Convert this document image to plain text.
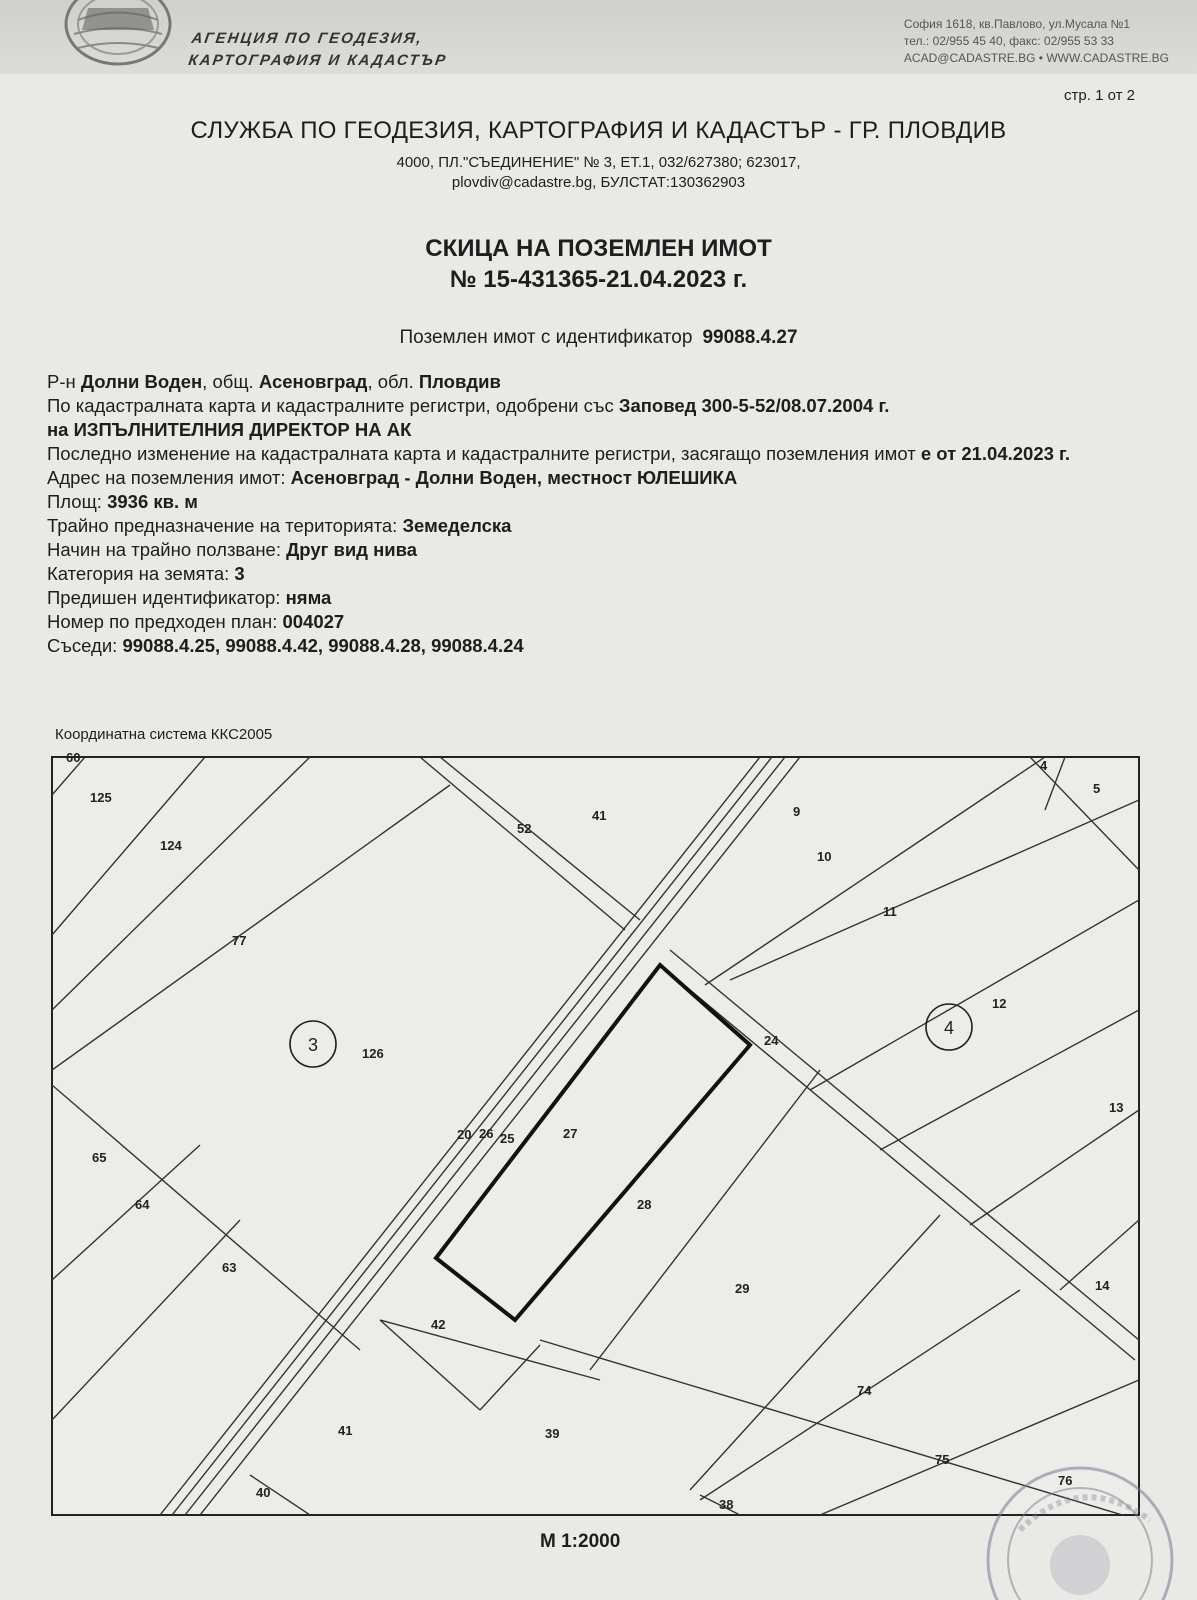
АГЕНЦИЯ ПО ГЕОДЕЗИЯ,
КАРТОГРАФИЯ И КАДАСТЪР
София 1618, кв.Павлово, ул.Мусала №1
тел.: 02/955 45 40, факс: 02/955 53 33
ACAD@CADASTRE.BG • WWW.CADASTRE.BG
стр. 1 от 2
СЛУЖБА ПО ГЕОДЕЗИЯ, КАРТОГРАФИЯ И КАДАСТЪР - ГР. ПЛОВДИВ
4000, ПЛ."СЪЕДИНЕНИЕ" № 3, ЕТ.1, 032/627380; 623017,
plovdiv@cadastre.bg, БУЛСТАТ:130362903
СКИЦА НА ПОЗЕМЛЕН ИМОТ
№ 15-431365-21.04.2023 г.
Поземлен имот с идентификатор 99088.4.27
Р-н Долни Воден, общ. Асеновград, обл. Пловдив
По кадастралната карта и кадастралните регистри, одобрени със Заповед 300-5-52/08.07.2004 г.
на ИЗПЪЛНИТЕЛНИЯ ДИРЕКТОР НА АК
Последно изменение на кадастралната карта и кадастралните регистри, засягащо поземления имот е от 21.04.2023 г.
Адрес на поземления имот: Асеновград - Долни Воден, местност ЮЛЕШИКА
Площ: 3936 кв. м
Трайно предназначение на територията: Земеделска
Начин на трайно ползване: Друг вид нива
Категория на земята: 3
Предишен идентификатор: няма
Номер по предходен план: 004027
Съседи: 99088.4.25, 99088.4.42, 99088.4.28, 99088.4.24
Координатна система ККС2005
3
4
60
125
124
77
126
52
41	9
10
11
4
5
12
13
24
27
28
20 26 25
65
64
63
29	14
42
74
41	39
75
40
38
76
М 1:2000
